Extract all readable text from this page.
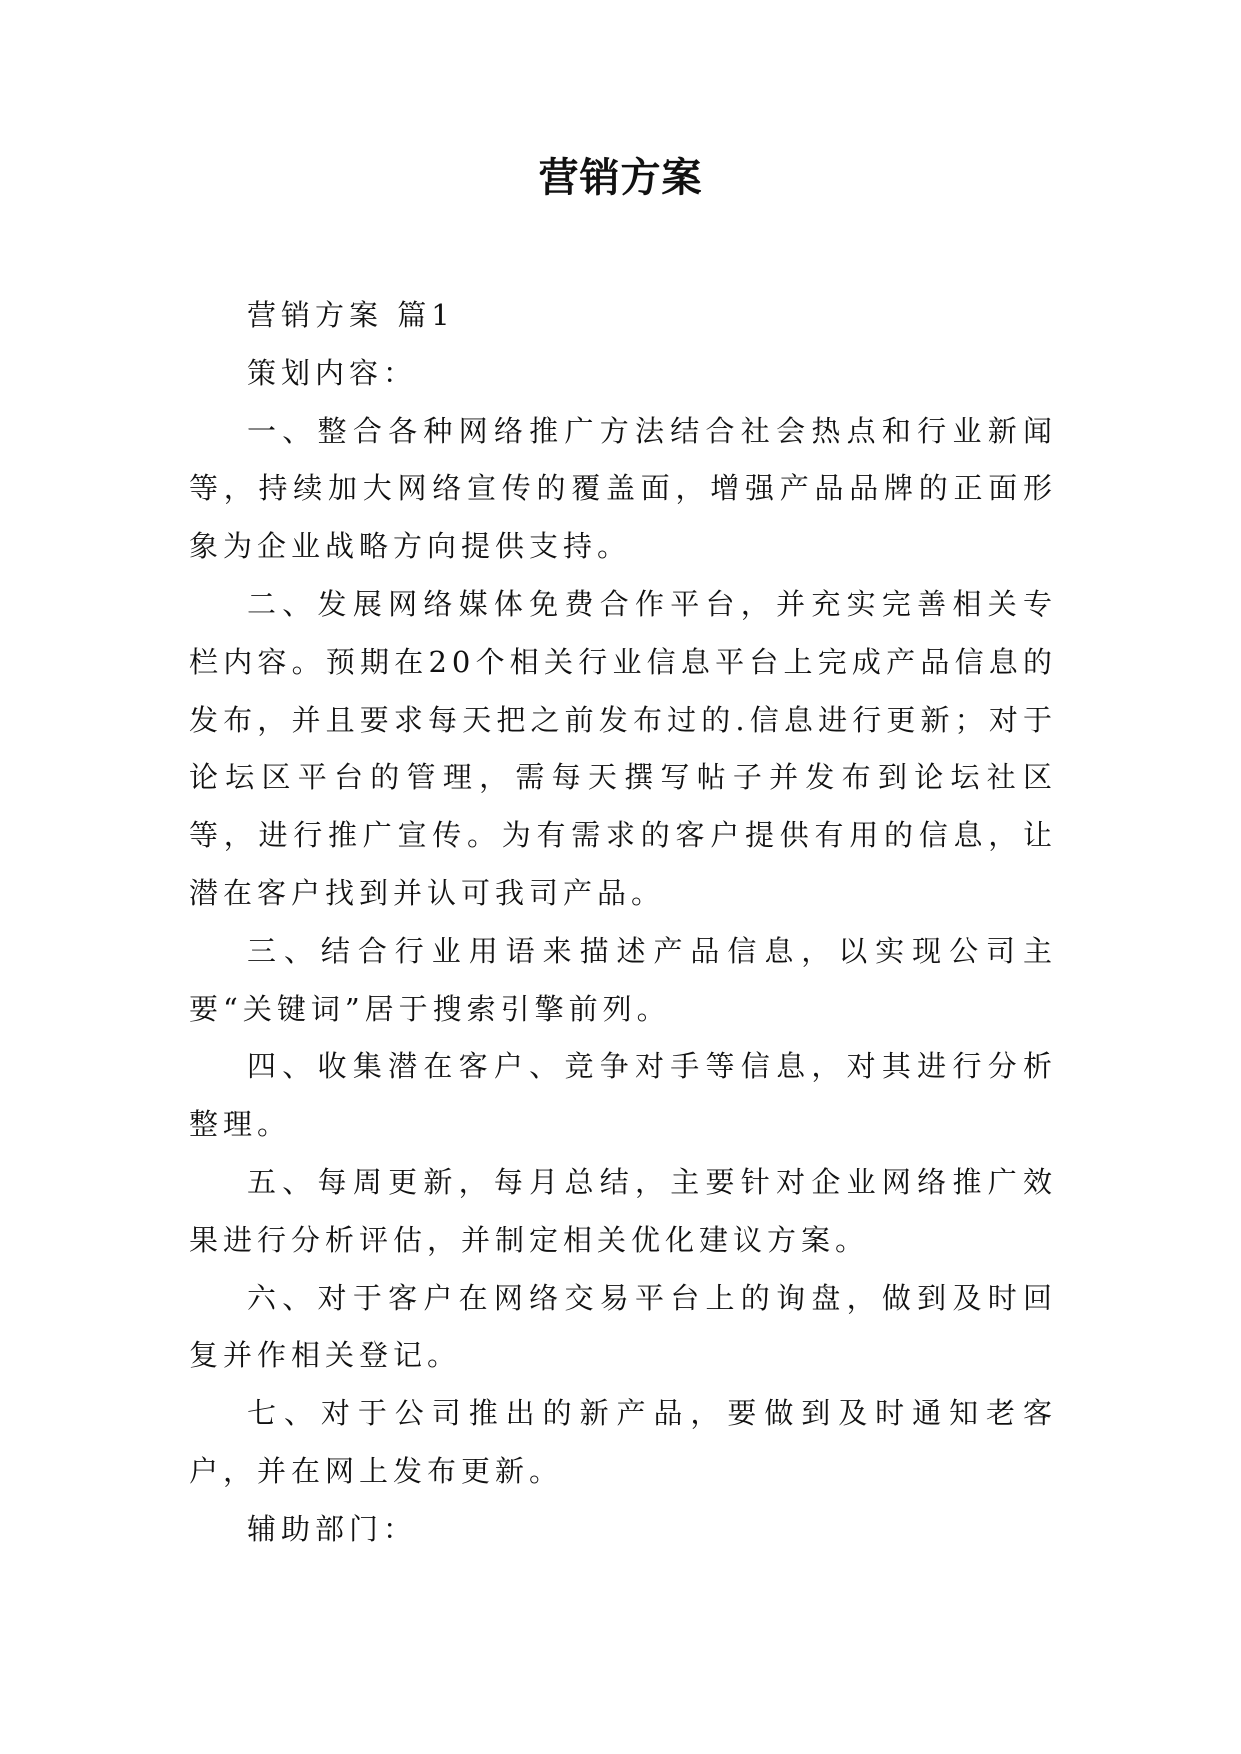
营销方案

营销方案 篇1

策划内容：

一、整合各种网络推广方法结合社会热点和行业新闻等，持续加大网络宣传的覆盖面，增强产品品牌的正面形象为企业战略方向提供支持。

二、发展网络媒体免费合作平台，并充实完善相关专栏内容。预期在20个相关行业信息平台上完成产品信息的发布，并且要求每天把之前发布过的.信息进行更新；对于论坛区平台的管理，需每天撰写帖子并发布到论坛社区等，进行推广宣传。为有需求的客户提供有用的信息，让潜在客户找到并认可我司产品。

三、结合行业用语来描述产品信息，以实现公司主要“关键词”居于搜索引擎前列。

四、收集潜在客户、竞争对手等信息，对其进行分析整理。

五、每周更新，每月总结，主要针对企业网络推广效果进行分析评估，并制定相关优化建议方案。

六、对于客户在网络交易平台上的询盘，做到及时回复并作相关登记。

七、对于公司推出的新产品，要做到及时通知老客户，并在网上发布更新。

辅助部门：
